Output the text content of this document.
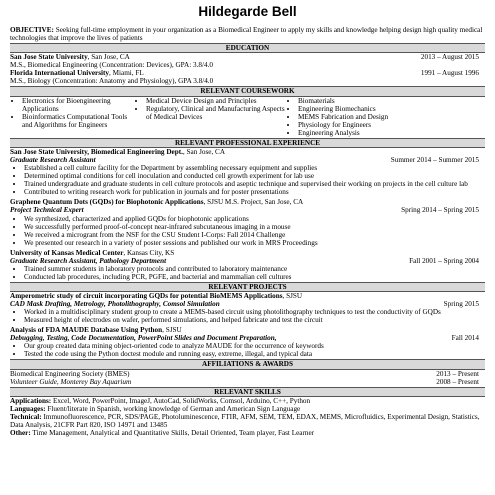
Hildegarde Bell
OBJECTIVE: Seeking full-time employment in your organization as a Biomedical Engineer to apply my skills and knowledge helping design high quality medical technologies that improve the lives of patients
EDUCATION
San Jose State University, San Jose, CA	2013 – August 2015
M.S., Biomedical Engineering (Concentration: Devices), GPA: 3.8/4.0
Florida International University, Miami, FL	1991 – August 1996
M.S., Biology (Concentration: Anatomy and Physiology), GPA 3.8/4.0
RELEVANT COURSEWORK
• Electronics for Bioengineering Applications
• Bioinformatics Computational Tools and Algorithms for Engineers
• Medical Device Design and Principles
• Regulatory, Clinical and Manufacturing Aspects of Medical Devices
• Biomaterials
• Engineering Biomechanics
• MEMS Fabrication and Design
• Physiology for Engineers
• Engineering Analysis
RELEVANT PROFESSIONAL EXPERIENCE
San Jose State University, Biomedical Engineering Dept., San Jose, CA
Graduate Research Assistant	Summer 2014 – Summer 2015
• Established a cell culture facility for the Department by assembling necessary equipment and supplies
• Determined optimal conditions for cell inoculation and conducted cell growth experiment for lab use
• Trained undergraduate and graduate students in cell culture protocols and aseptic technique and supervised their working on projects in the cell culture lab
• Contributed to writing research work for publication in journals and for poster presentations
Graphene Quantum Dots (GQDs) for Biophotonic Applications, SJSU M.S. Project, San Jose, CA
Project Technical Expert	Spring 2014 – Spring 2015
• We synthesized, characterized and applied GQDs for biophotonic applications
• We successfully performed proof-of-concept near-infrared subcutaneous imaging in a mouse
• We received a microgrant from the NSF for the CSU Student I-Corps: Fall 2014 Challenge
• We presented our research in a variety of poster sessions and published our work in MRS Proceedings
University of Kansas Medical Center, Kansas City, KS
Graduate Research Assistant, Pathology Department	Fall 2001 – Spring 2004
• Trained summer students in laboratory protocols and contributed to laboratory maintenance
• Conducted lab procedures, including PCR, PGFE, and bacterial and mammalian cell cultures
RELEVANT PROJECTS
Amperometric study of circuit incorporating GQDs for potential BioMEMS Applications, SJSU
CAD Mask Drafting, Metrology, Photolithography, Comsol Simulation	Spring 2015
• Worked in a multidisciplinary student group to create a MEMS-based circuit using photolithography techniques to test the conductivity of GQDs
• Measured height of electrodes on wafer, performed simulations, and helped fabricate and test the circuit
Analysis of FDA MAUDE Database Using Python, SJSU
Debugging, Testing, Code Documentation, PowerPoint Slides and Document Preparation,	Fall 2014
• Our group created data mining object-oriented code to analyze MAUDE for the occurrence of keywords
• Tested the code using the Python doctest module and running easy, extreme, illegal, and typical data
AFFILIATIONS & AWARDS
Biomedical Engineering Society (BMES)	2013 – Present
Volunteer Guide, Monterey Bay Aquarium	2008 – Present
RELEVANT SKILLS

Applications: Excel, Word, PowerPoint, ImageJ, AutoCad, SolidWorks, Comsol, Arduino, C++, Python

Languages: Fluent/literate in Spanish, working knowledge of German and American Sign Language

Technical: Immunofluorescence, PCR, SDS/PAGE, Photoluminescence, FTIR, AFM, SEM, TEM, EDAX, MEMS, Microfluidics, Experimental Design, Statistics, Data Analysis, 21CFR Part 820, ISO 14971 and 13485

Other: Time Management, Analytical and Quantitative Skills, Detail Oriented, Team player, Fast Learner
